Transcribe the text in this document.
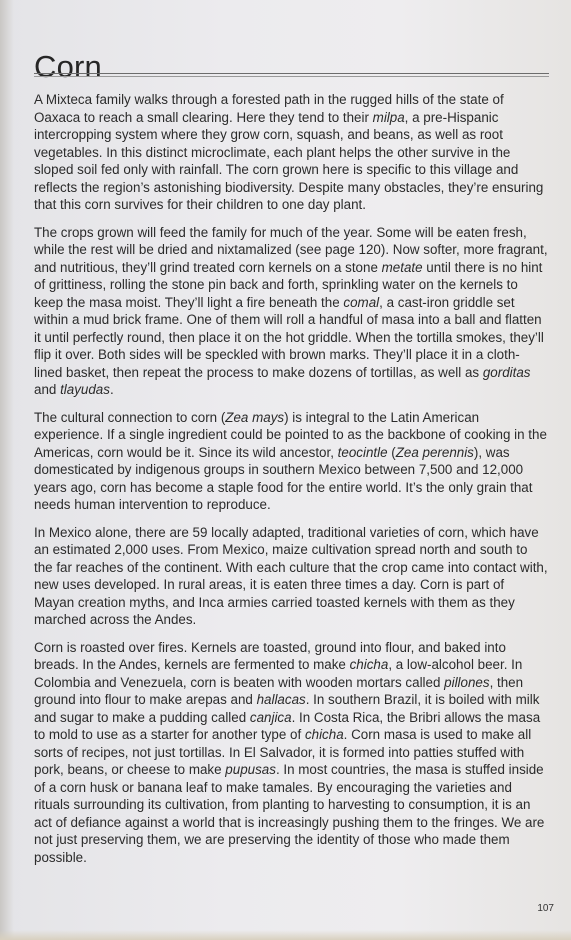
Corn

A Mixteca family walks through a forested path in the rugged hills of the state of Oaxaca to reach a small clearing. Here they tend to their milpa, a pre-Hispanic intercropping system where they grow corn, squash, and beans, as well as root vegetables. In this distinct microclimate, each plant helps the other survive in the sloped soil fed only with rainfall. The corn grown here is specific to this village and reflects the region’s astonishing biodiversity. Despite many obstacles, they’re ensuring that this corn survives for their children to one day plant.

The crops grown will feed the family for much of the year. Some will be eaten fresh, while the rest will be dried and nixtamalized (see page 120). Now softer, more fragrant, and nutritious, they’ll grind treated corn kernels on a stone metate until there is no hint of grittiness, rolling the stone pin back and forth, sprinkling water on the kernels to keep the masa moist. They’ll light a fire beneath the comal, a cast-iron griddle set within a mud brick frame. One of them will roll a handful of masa into a ball and flatten it until perfectly round, then place it on the hot griddle. When the tortilla smokes, they’ll flip it over. Both sides will be speckled with brown marks. They’ll place it in a cloth-lined basket, then repeat the process to make dozens of tortillas, as well as gorditas and tlayudas.

The cultural connection to corn (Zea mays) is integral to the Latin American experience. If a single ingredient could be pointed to as the backbone of cooking in the Americas, corn would be it. Since its wild ancestor, teocintle (Zea perennis), was domesticated by indigenous groups in southern Mexico between 7,500 and 12,000 years ago, corn has become a staple food for the entire world. It’s the only grain that needs human intervention to reproduce.

In Mexico alone, there are 59 locally adapted, traditional varieties of corn, which have an estimated 2,000 uses. From Mexico, maize cultivation spread north and south to the far reaches of the continent. With each culture that the crop came into contact with, new uses developed. In rural areas, it is eaten three times a day. Corn is part of Mayan creation myths, and Inca armies carried toasted kernels with them as they marched across the Andes.

Corn is roasted over fires. Kernels are toasted, ground into flour, and baked into breads. In the Andes, kernels are fermented to make chicha, a low-alcohol beer. In Colombia and Venezuela, corn is beaten with wooden mortars called pillones, then ground into flour to make arepas and hallacas. In southern Brazil, it is boiled with milk and sugar to make a pudding called canjica. In Costa Rica, the Bribri allows the masa to mold to use as a starter for another type of chicha. Corn masa is used to make all sorts of recipes, not just tortillas. In El Salvador, it is formed into patties stuffed with pork, beans, or cheese to make pupusas. In most countries, the masa is stuffed inside of a corn husk or banana leaf to make tamales. By encouraging the varieties and rituals surrounding its cultivation, from planting to harvesting to consumption, it is an act of defiance against a world that is increasingly pushing them to the fringes. We are not just preserving them, we are preserving the identity of those who made them possible.

107
